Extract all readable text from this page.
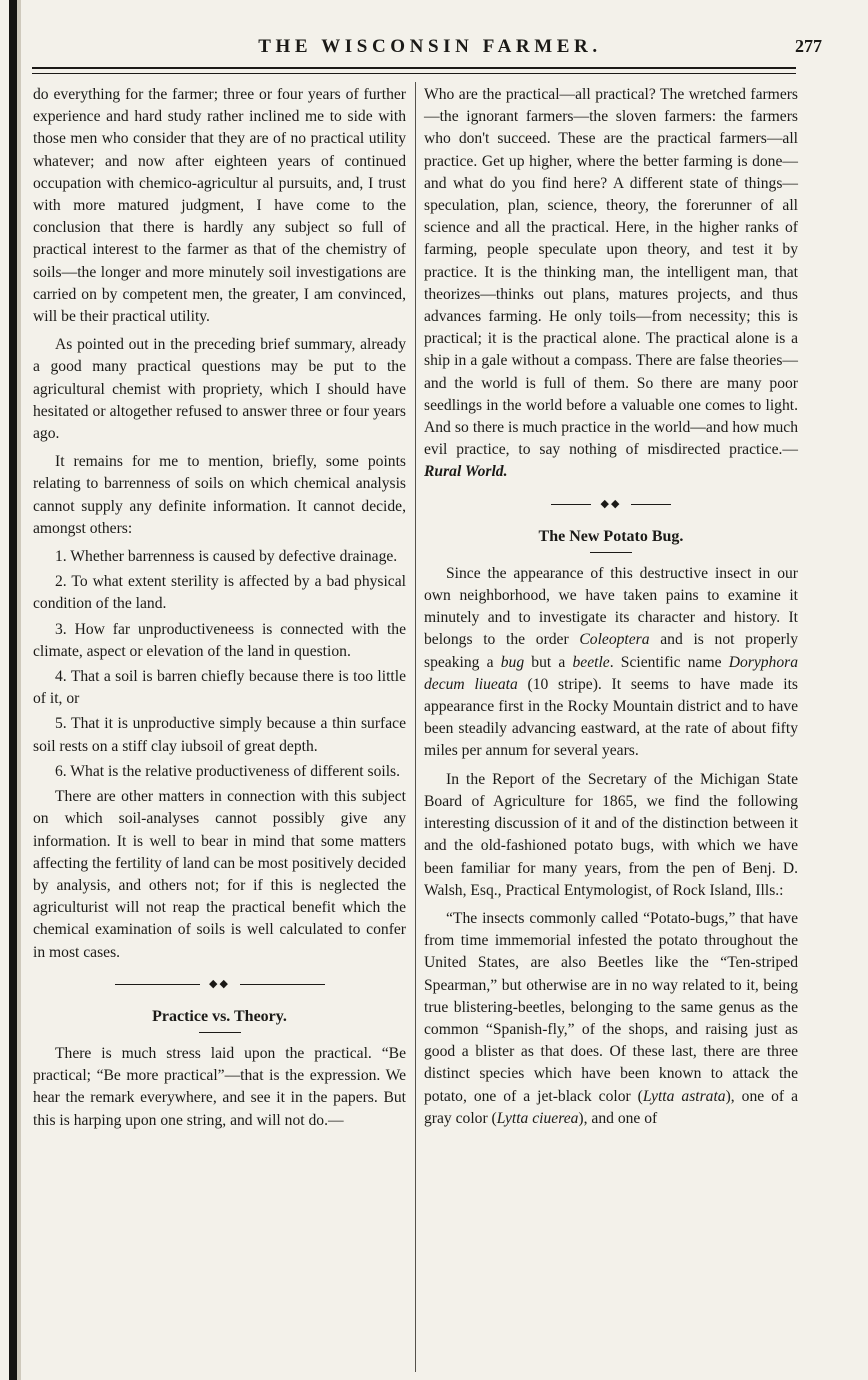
THE WISCONSIN FARMER.	277

do everything for the farmer; three or four years of further experience and hard study rather inclined me to side with those men who consider that they are of no practical utility whatever; and now after eighteen years of continued occupation with chemico-agricultur al pursuits, and, I trust with more matured judgment, I have come to the conclusion that there is hardly any subject so full of practical interest to the farmer as that of the chemistry of soils—the longer and more minutely soil investigations are carried on by competent men, the greater, I am convinced, will be their practical utility.

As pointed out in the preceding brief summary, already a good many practical questions may be put to the agricultural chemist with propriety, which I should have hesitated or altogether refused to answer three or four years ago.

It remains for me to mention, briefly, some points relating to barrenness of soils on which chemical analysis cannot supply any definite information. It cannot decide, amongst others:

1. Whether barrenness is caused by defective drainage.

2. To what extent sterility is affected by a bad physical condition of the land.

3. How far unproductiveneess is connected with the climate, aspect or elevation of the land in question.

4. That a soil is barren chiefly because there is too little of it, or

5. That it is unproductive simply because a thin surface soil rests on a stiff clay iubsoil of great depth.

6. What is the relative productiveness of different soils.

There are other matters in connection with this subject on which soil-analyses cannot possibly give any information. It is well to bear in mind that some matters affecting the fertility of land can be most positively decided by analysis, and others not; for if this is neglected the agriculturist will not reap the practical benefit which the chemical examination of soils is well calculated to confer in most cases.

◆◆
Practice vs. Theory.

There is much stress laid upon the practical. “Be practical; “Be more practical”—that is the expression. We hear the remark everywhere, and see it in the papers. But this is harping upon one string, and will not do.—

Who are the practical—all practical? The wretched farmers—the ignorant farmers—the sloven farmers: the farmers who don't succeed. These are the practical farmers—all practice. Get up higher, where the better farming is done—and what do you find here? A different state of things—speculation, plan, science, theory, the forerunner of all science and all the practical. Here, in the higher ranks of farming, people speculate upon theory, and test it by practice. It is the thinking man, the intelligent man, that theorizes—thinks out plans, matures projects, and thus advances farming. He only toils—from necessity; this is practical; it is the practical alone. The practical alone is a ship in a gale without a compass. There are false theories—and the world is full of them. So there are many poor seedlings in the world before a valuable one comes to light. And so there is much practice in the world—and how much evil practice, to say nothing of misdirected practice.—Rural World.

◆◆
The New Potato Bug.

Since the appearance of this destructive insect in our own neighborhood, we have taken pains to examine it minutely and to investigate its character and history. It belongs to the order Coleoptera and is not properly speaking a bug but a beetle. Scientific name Doryphora decum liueata (10 stripe). It seems to have made its appearance first in the Rocky Mountain district and to have been steadily advancing eastward, at the rate of about fifty miles per annum for several years.

In the Report of the Secretary of the Michigan State Board of Agriculture for 1865, we find the following interesting discussion of it and of the distinction between it and the old-fashioned potato bugs, with which we have been familiar for many years, from the pen of Benj. D. Walsh, Esq., Practical Entymologist, of Rock Island, Ills.:

“The insects commonly called “Potato-bugs,” that have from time immemorial infested the potato throughout the United States, are also Beetles like the “Ten-striped Spearman,” but otherwise are in no way related to it, being true blistering-beetles, belonging to the same genus as the common “Spanish-fly,” of the shops, and raising just as good a blister as that does. Of these last, there are three distinct species which have been known to attack the potato, one of a jet-black color (Lytta astrata), one of a gray color (Lytta ciuerea), and one of
